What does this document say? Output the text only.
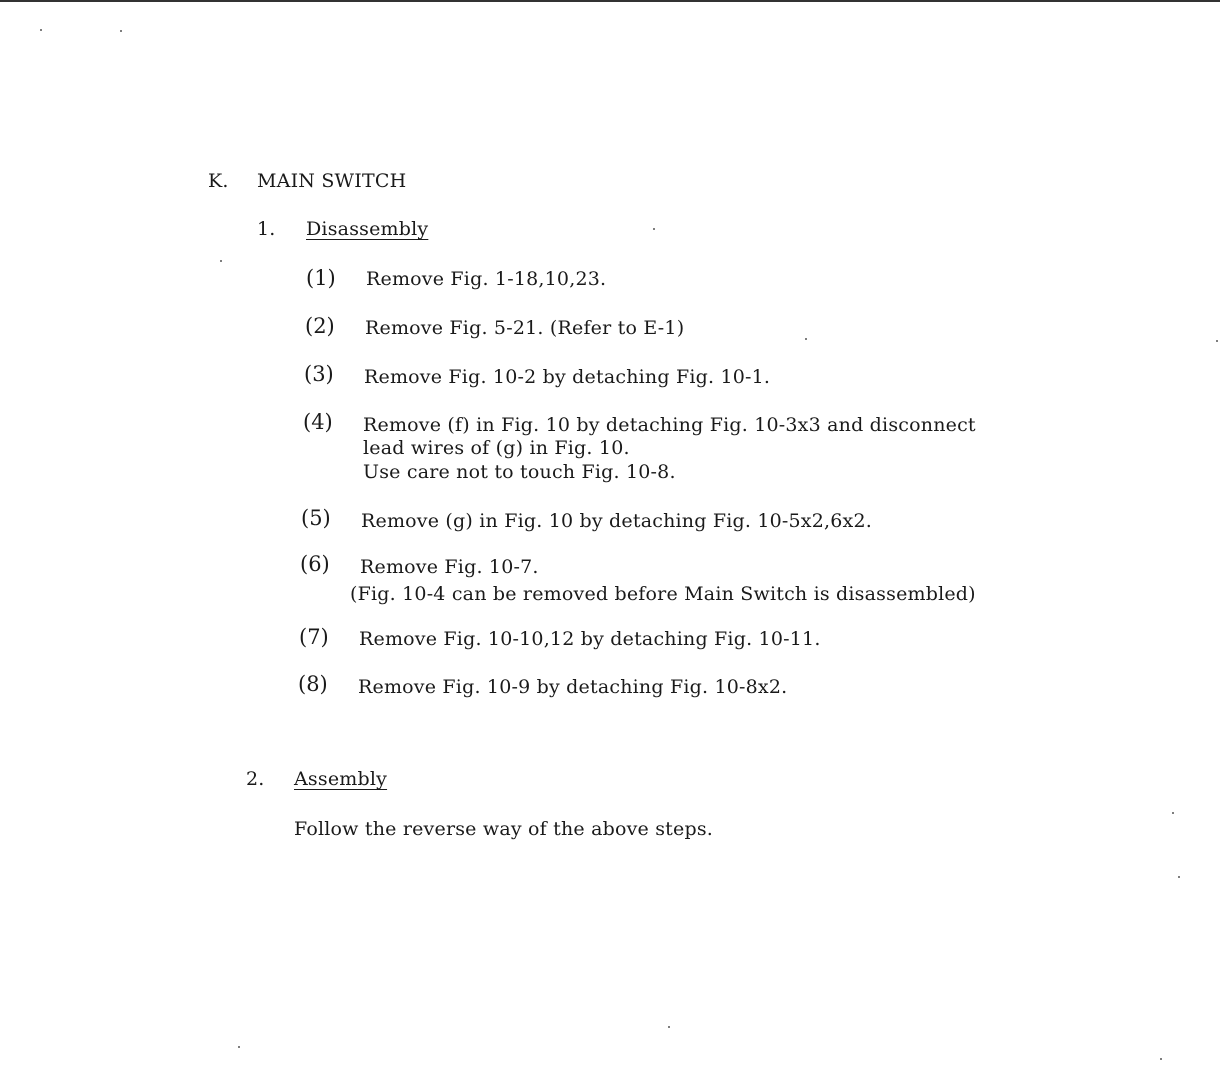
K. MAIN SWITCH
1. Disassembly
(1) Remove Fig. 1-18,10,23.
(2) Remove Fig. 5-21. (Refer to E-1)
(3) Remove Fig. 10-2 by detaching Fig. 10-1.
(4) Remove (f) in Fig. 10 by detaching Fig. 10-3x3 and disconnect
lead wires of (g) in Fig. 10.
Use care not to touch Fig. 10-8.
(5) Remove (g) in Fig. 10 by detaching Fig. 10-5x2,6x2.
(6) Remove Fig. 10-7.
(Fig. 10-4 can be removed before Main Switch is disassembled)
(7) Remove Fig. 10-10,12 by detaching Fig. 10-11.
(8) Remove Fig. 10-9 by detaching Fig. 10-8x2.
2. Assembly
Follow the reverse way of the above steps.
